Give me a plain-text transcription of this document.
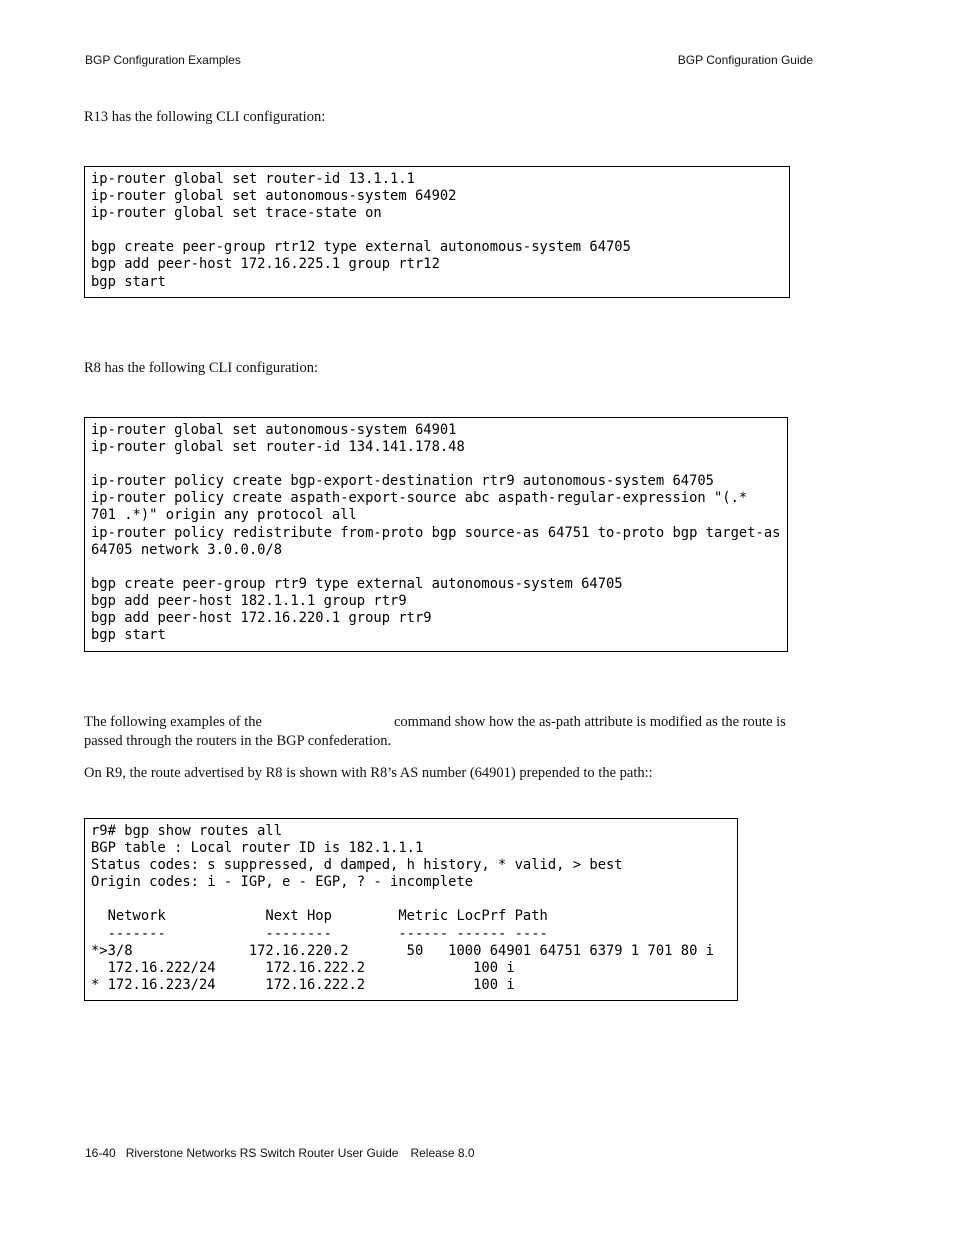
BGP Configuration Examples	BGP Configuration Guide

R13 has the following CLI configuration:

ip-router global set router-id 13.1.1.1
ip-router global set autonomous-system 64902
ip-router global set trace-state on

bgp create peer-group rtr12 type external autonomous-system 64705
bgp add peer-host 172.16.225.1 group rtr12
bgp start

R8 has the following CLI configuration:

ip-router global set autonomous-system 64901
ip-router global set router-id 134.141.178.48

ip-router policy create bgp-export-destination rtr9 autonomous-system 64705
ip-router policy create aspath-export-source abc aspath-regular-expression "(.*
701 .*)" origin any protocol all
ip-router policy redistribute from-proto bgp source-as 64751 to-proto bgp target-as
64705 network 3.0.0.0/8

bgp create peer-group rtr9 type external autonomous-system 64705
bgp add peer-host 182.1.1.1 group rtr9
bgp add peer-host 172.16.220.1 group rtr9
bgp start

The following examples of the	command show how the as-path attribute is modified as the route is passed through the routers in the BGP confederation.

On R9, the route advertised by R8 is shown with R8’s AS number (64901) prepended to the path::

r9# bgp show routes all
BGP table : Local router ID is 182.1.1.1
Status codes: s suppressed, d damped, h history, * valid, > best
Origin codes: i - IGP, e - EGP, ? - incomplete

Network            Next Hop        Metric LocPrf Path
-------            --------        ------ ------ ----
*>3/8              172.16.220.2       50   1000 64901 64751 6379 1 701 80 i
172.16.222/24      172.16.222.2             100 i
* 172.16.223/24      172.16.222.2             100 i
16-40 Riverstone Networks RS Switch Router User Guide Release 8.0
